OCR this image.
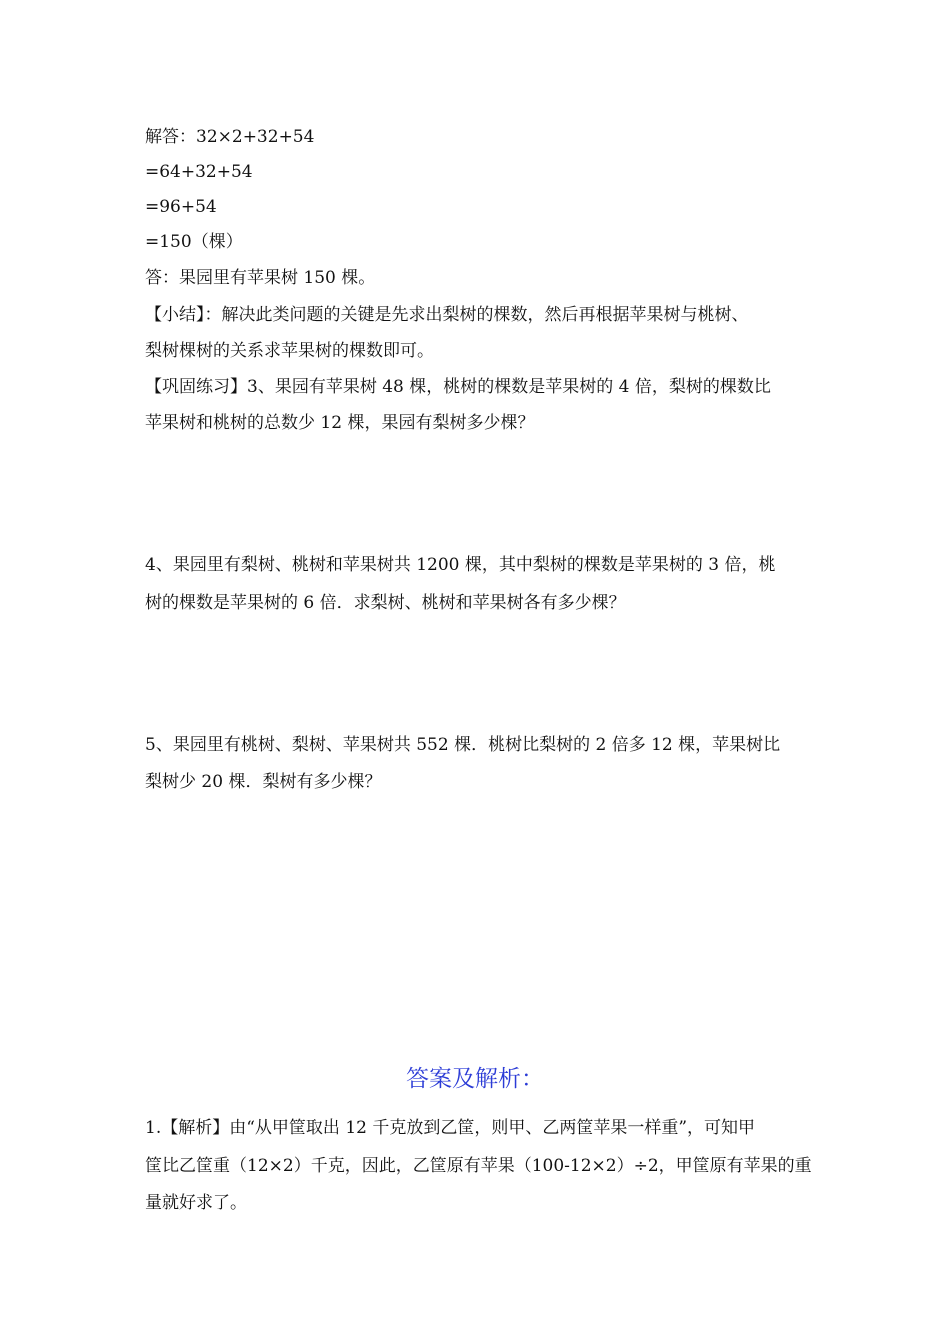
解答：32×2+32+54
=64+32+54
=96+54
=150（棵）
答：果园里有苹果树 150 棵。
【小结】：解决此类问题的关键是先求出梨树的棵数，然后再根据苹果树与桃树、
梨树棵树的关系求苹果树的棵数即可。
【巩固练习】3、果园有苹果树 48 棵，桃树的棵数是苹果树的 4 倍，梨树的棵数比
苹果树和桃树的总数少 12 棵，果园有梨树多少棵？
4、果园里有梨树、桃树和苹果树共 1200 棵，其中梨树的棵数是苹果树的 3 倍，桃
树的棵数是苹果树的 6 倍．求梨树、桃树和苹果树各有多少棵？
5、果园里有桃树、梨树、苹果树共 552 棵．桃树比梨树的 2 倍多 12 棵，苹果树比
梨树少 20 棵．梨树有多少棵？
答案及解析：
1.【解析】由“从甲筐取出 12 千克放到乙筐，则甲、乙两筐苹果一样重”，可知甲
筐比乙筐重（12×2）千克，因此，乙筐原有苹果（100-12×2）÷2，甲筐原有苹果的重
量就好求了。
